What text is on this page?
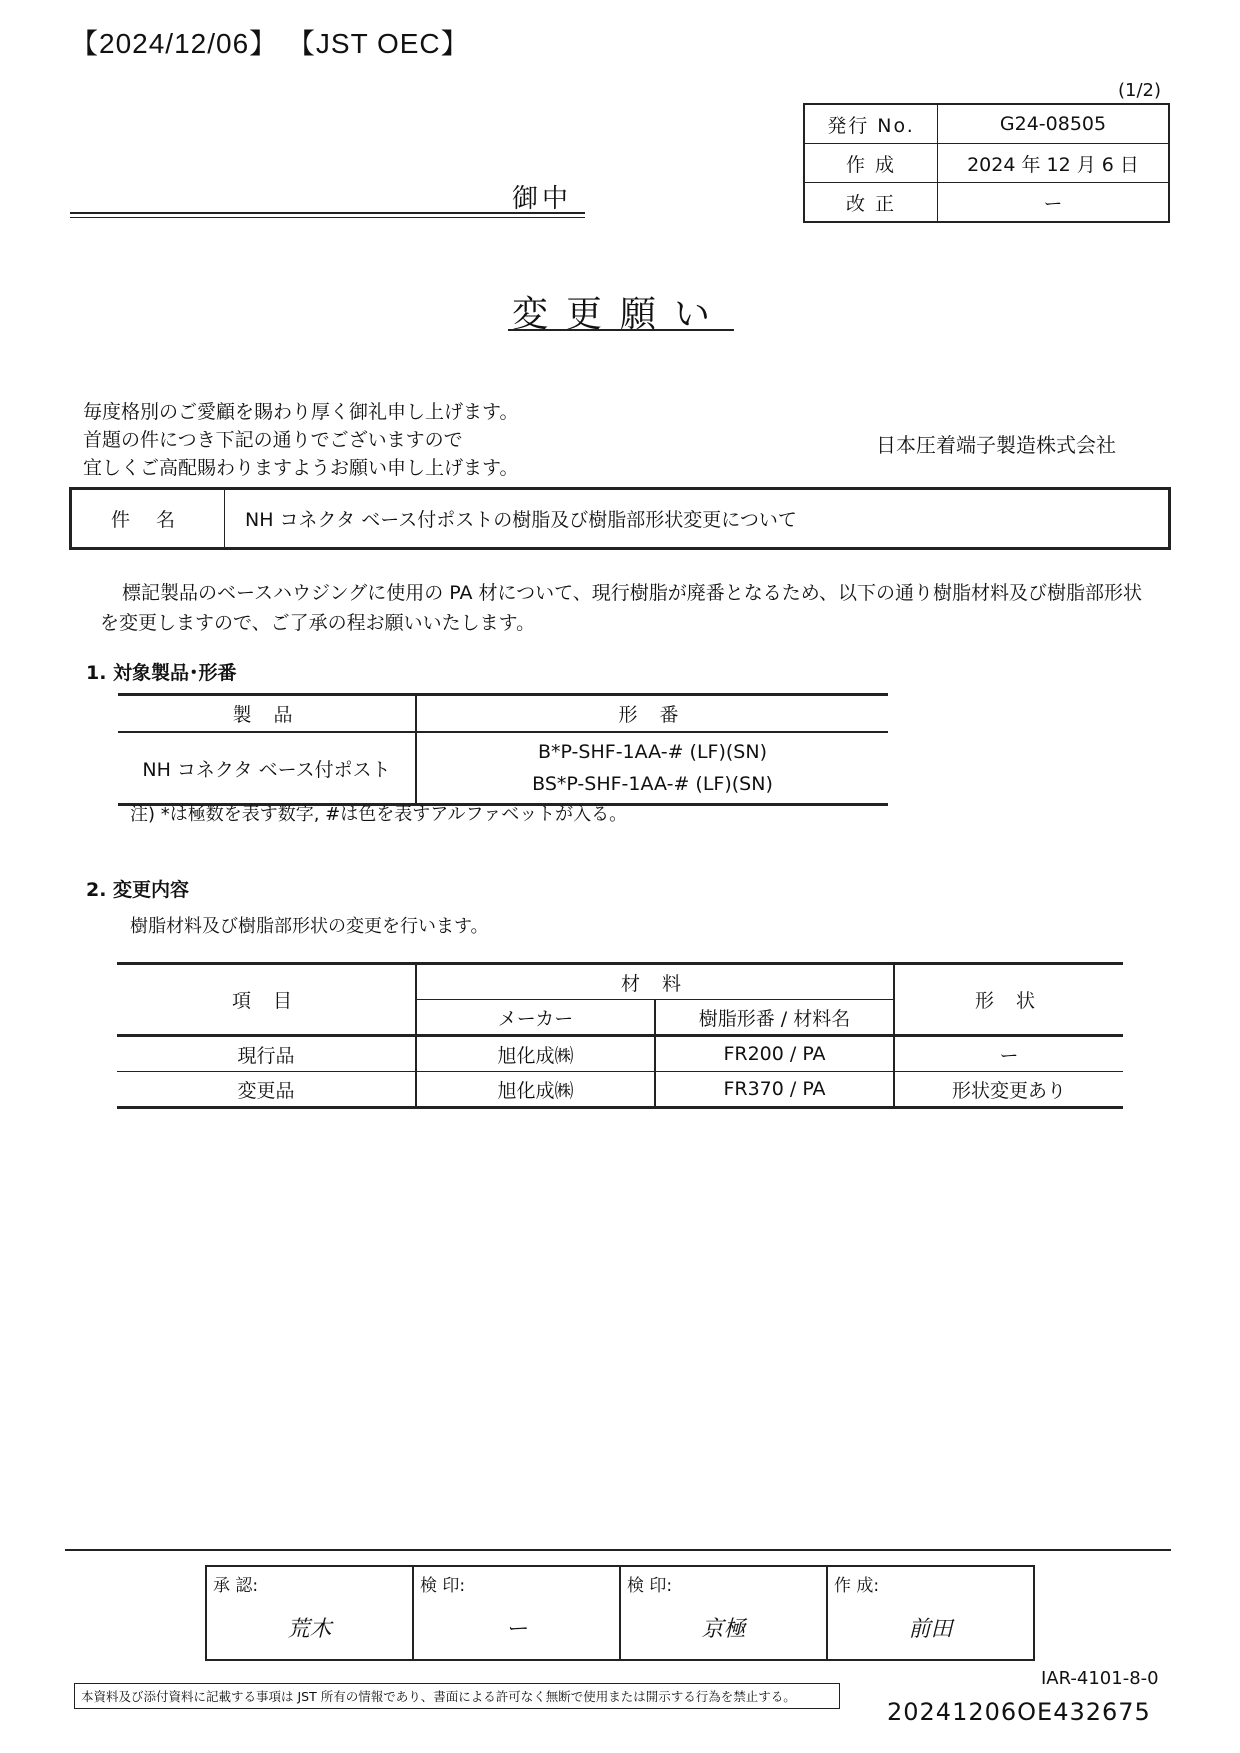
【2024/12/06】 【JST OEC】
(1/2)
発行 No.	G24-08505
作 成	2024 年 12 月 6 日
改 正	ー
御中
変更願い
毎度格別のご愛顧を賜わり厚く御礼申し上げます。
首題の件につき下記の通りでございますので
宜しくご高配賜わりますようお願い申し上げます。
日本圧着端子製造株式会社
件 名	NH コネクタ ベース付ポストの樹脂及び樹脂部形状変更について
標記製品のベースハウジングに使用の PA 材について、現行樹脂が廃番となるため、以下の通り樹脂材料及び樹脂部形状を変更しますので、ご了承の程お願いいたします。
1. 対象製品･形番
製 品	形 番
NH コネクタ ベース付ポスト	B*P-SHF-1AA-# (LF)(SN)
	BS*P-SHF-1AA-# (LF)(SN)
注) *は極数を表す数字, #は色を表すアルファベットが入る。
2. 変更内容
樹脂材料及び樹脂部形状の変更を行います。
項 目	材 料		形 状
	メーカー	樹脂形番 / 材料名	
現行品	旭化成㈱	FR200 / PA	ー
変更品	旭化成㈱	FR370 / PA	形状変更あり
承 認:
荒木
	検 印:
ー
	検 印:
京極
	作 成:
前田
IAR-4101-8-0
本資料及び添付資料に記載する事項は JST 所有の情報であり、書面による許可なく無断で使用または開示する行為を禁止する。
20241206OE432675
